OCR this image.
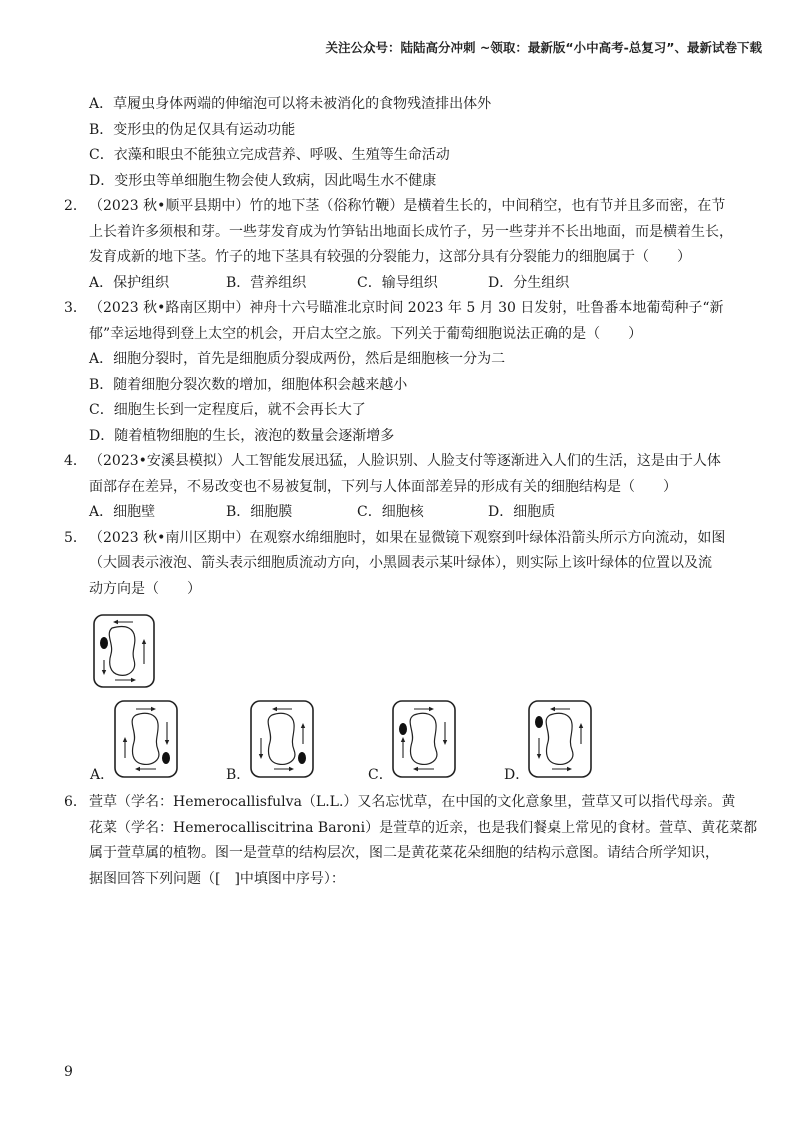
关注公众号：陆陆高分冲刺 ~领取：最新版“小中高考-总复习”、最新试卷下载
A．草履虫身体两端的伸缩泡可以将未被消化的食物残渣排出体外
B．变形虫的伪足仅具有运动功能
C．衣藻和眼虫不能独立完成营养、呼吸、生殖等生命活动
D．变形虫等单细胞生物会使人致病，因此喝生水不健康
2． （2023 秋•顺平县期中）竹的地下茎（俗称竹鞭）是横着生长的，中间稍空，也有节并且多而密，在节
上长着许多须根和芽。一些芽发育成为竹笋钻出地面长成竹子，另一些芽并不长出地面，而是横着生长，
发育成新的地下茎。竹子的地下茎具有较强的分裂能力，这部分具有分裂能力的细胞属于（　　）
A．保护组织	B．营养组织	C．输导组织	D．分生组织
3． （2023 秋•路南区期中）神舟十六号瞄准北京时间 2023 年 5 月 30 日发射，吐鲁番本地葡萄种子“新
郁”幸运地得到登上太空的机会，开启太空之旅。下列关于葡萄细胞说法正确的是（　　）
A．细胞分裂时，首先是细胞质分裂成两份，然后是细胞核一分为二
B．随着细胞分裂次数的增加，细胞体积会越来越小
C．细胞生长到一定程度后，就不会再长大了
D．随着植物细胞的生长，液泡的数量会逐渐增多
4． （2023•安溪县模拟）人工智能发展迅猛，人脸识别、人脸支付等逐渐进入人们的生活，这是由于人体
面部存在差异，不易改变也不易被复制，下列与人体面部差异的形成有关的细胞结构是（　　）
A．细胞壁	B．细胞膜	C．细胞核	D．细胞质
5． （2023 秋•南川区期中）在观察水绵细胞时，如果在显微镜下观察到叶绿体沿箭头所示方向流动，如图
（大圆表示液泡、箭头表示细胞质流动方向，小黑圆表示某叶绿体），则实际上该叶绿体的位置以及流
动方向是（　　）
A．	B．	C．	D．
6． 萱草（学名：Hemerocallisfulva（L.L.）又名忘忧草，在中国的文化意象里，萱草又可以指代母亲。黄
花菜（学名：Hemerocalliscitrina Baroni）是萱草的近亲，也是我们餐桌上常见的食材。萱草、黄花菜都
属于萱草属的植物。图一是萱草的结构层次，图二是黄花菜花朵细胞的结构示意图。请结合所学知识，
据图回答下列问题（[　]中填图中序号）：
9
